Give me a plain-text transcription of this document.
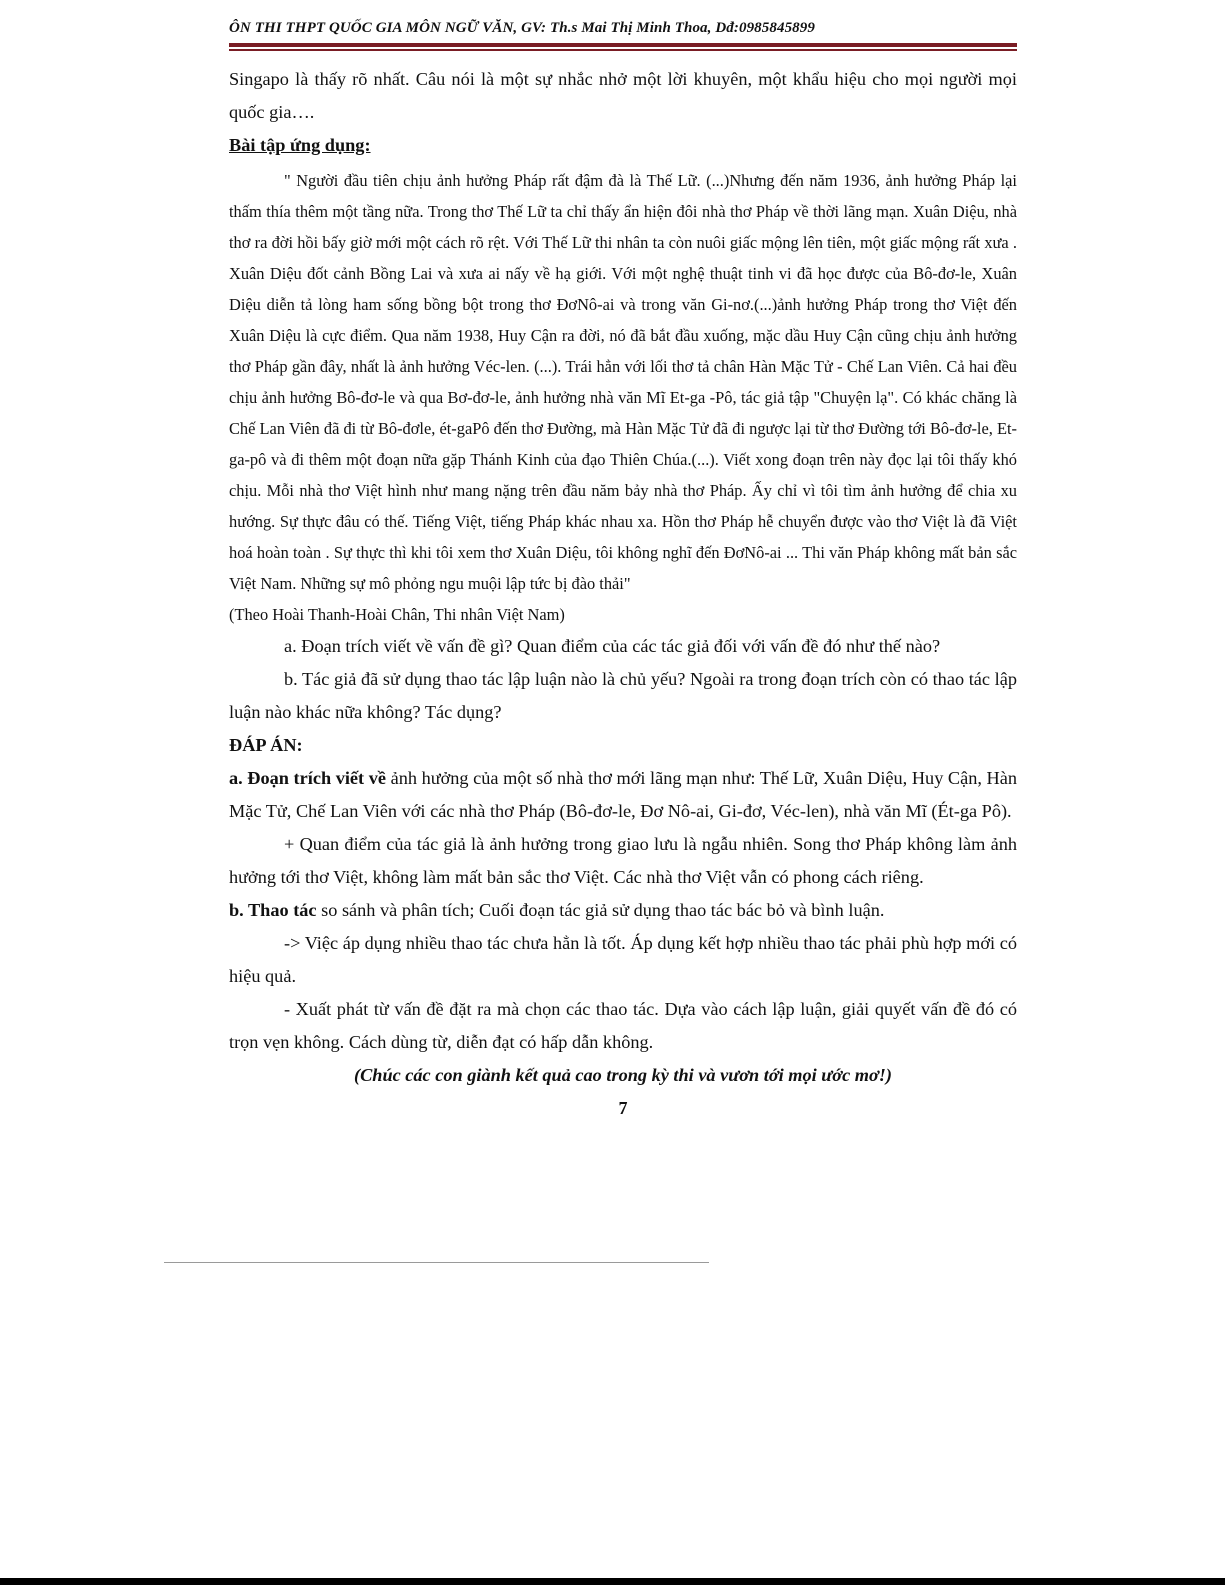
ÔN THI THPT QUỐC GIA MÔN NGỮ VĂN, GV: Th.s Mai Thị Minh Thoa, Dđ:0985845899

Singapo là thấy rõ nhất. Câu nói là một sự nhắc nhở một lời khuyên, một khẩu hiệu cho mọi người mọi quốc gia….

Bài tập ứng dụng:

" Người đầu tiên chịu ảnh hưởng Pháp rất đậm đà là Thế Lữ. (...)Nhưng đến năm 1936, ảnh hưởng Pháp lại thấm thía thêm một tầng nữa. Trong thơ Thế Lữ ta chỉ thấy ẩn hiện đôi nhà thơ Pháp về thời lãng mạn. Xuân Diệu, nhà thơ ra đời hồi bấy giờ mới một cách rõ rệt. Với Thế Lữ thi nhân ta còn nuôi giấc mộng lên tiên, một giấc mộng rất xưa . Xuân Diệu đốt cảnh Bồng Lai và xưa ai nấy về hạ giới. Với một nghệ thuật tinh vi đã học được của Bô-đơ-le, Xuân Diệu diễn tả lòng ham sống bồng bột trong thơ ĐơNô-ai và trong văn Gi-nơ.(...)ảnh hưởng Pháp trong thơ Việt đến Xuân Diệu là cực điểm. Qua năm 1938, Huy Cận ra đời, nó đã bắt đầu xuống, mặc dầu Huy Cận cũng chịu ảnh hưởng thơ Pháp gần đây, nhất là ảnh hưởng Véc-len. (...). Trái hẳn với lối thơ tả chân Hàn Mặc Tử - Chế Lan Viên. Cả hai đều chịu ảnh hưởng Bô-đơ-le và qua Bơ-đơ-le, ảnh hưởng nhà văn Mĩ Et-ga -Pô, tác giả tập "Chuyện lạ". Có khác chăng là Chế Lan Viên đã đi từ Bô-đơle, ét-gaPô đến thơ Đường, mà Hàn Mặc Tử đã đi ngược lại từ thơ Đường tới Bô-đơ-le, Et-ga-pô và đi thêm một đoạn nữa gặp Thánh Kinh của đạo Thiên Chúa.(...). Viết xong đoạn trên này đọc lại tôi thấy khó chịu. Mỗi nhà thơ Việt hình như mang nặng trên đầu năm bảy nhà thơ Pháp. Ấy chỉ vì tôi tìm ảnh hưởng để chia xu hướng. Sự thực đâu có thế. Tiếng Việt, tiếng Pháp khác nhau xa. Hồn thơ Pháp hễ chuyển được vào thơ Việt là đã Việt hoá hoàn toàn . Sự thực thì khi tôi xem thơ Xuân Diệu, tôi không nghĩ đến ĐơNô-ai ... Thi văn Pháp không mất bản sắc Việt Nam. Những sự mô phỏng ngu muội lập tức bị đào thải"

(Theo Hoài Thanh-Hoài Chân, Thi nhân Việt Nam)

a. Đoạn trích viết về vấn đề gì? Quan điểm của các tác giả đối với vấn đề đó như thế nào?

b. Tác giả đã sử dụng thao tác lập luận nào là chủ yếu? Ngoài ra trong đoạn trích còn có thao tác lập luận nào khác nữa không? Tác dụng?

ĐÁP ÁN:

a. Đoạn trích viết về ảnh hưởng của một số nhà thơ mới lãng mạn như: Thế Lữ, Xuân Diệu, Huy Cận, Hàn Mặc Tử, Chế Lan Viên với các nhà thơ Pháp (Bô-đơ-le, Đơ Nô-ai, Gi-đơ, Véc-len), nhà văn Mĩ (Ét-ga Pô).

+ Quan điểm của tác giả là ảnh hưởng trong giao lưu là ngẫu nhiên. Song thơ Pháp không làm ảnh hưởng tới thơ Việt, không làm mất bản sắc thơ Việt. Các nhà thơ Việt vẫn có phong cách riêng.

b. Thao tác so sánh và phân tích; Cuối đoạn tác giả sử dụng thao tác bác bỏ và bình luận.

-> Việc áp dụng nhiều thao tác chưa hẳn là tốt. Áp dụng kết hợp nhiều thao tác phải phù hợp mới có hiệu quả.

- Xuất phát từ vấn đề đặt ra mà chọn các thao tác. Dựa vào cách lập luận, giải quyết vấn đề đó có trọn vẹn không. Cách dùng từ, diễn đạt có hấp dẫn không.

(Chúc các con giành kết quả cao trong kỳ thi và vươn tới mọi ước mơ!)

7
